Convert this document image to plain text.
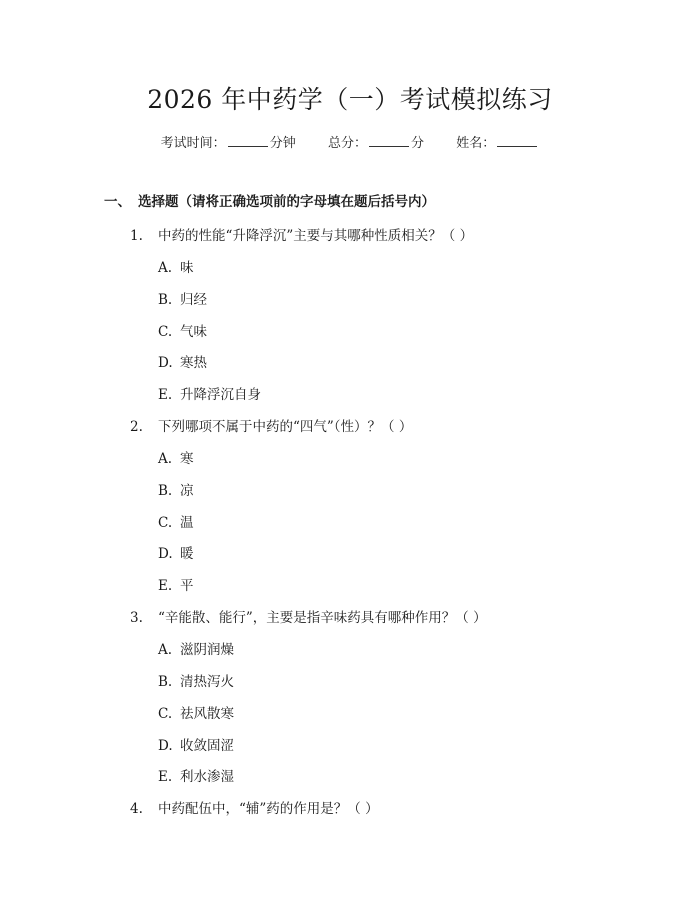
2026 年中药学（一）考试模拟练习
考试时间：	分钟 总分：	分 姓名：
一、 选择题（请将正确选项前的字母填在题后括号内）
1. 中药的性能“升降浮沉”主要与其哪种性质相关？（ ）
A. 味
B. 归经
C. 气味
D. 寒热
E. 升降浮沉自身
2. 下列哪项不属于中药的“四气”（性）？（ ）
A. 寒
B. 凉
C. 温
D. 暖
E. 平
3. “辛能散、能行”，主要是指辛味药具有哪种作用？（ ）
A. 滋阴润燥
B. 清热泻火
C. 祛风散寒
D. 收敛固涩
E. 利水渗湿
4. 中药配伍中，“辅”药的作用是？（ ）
